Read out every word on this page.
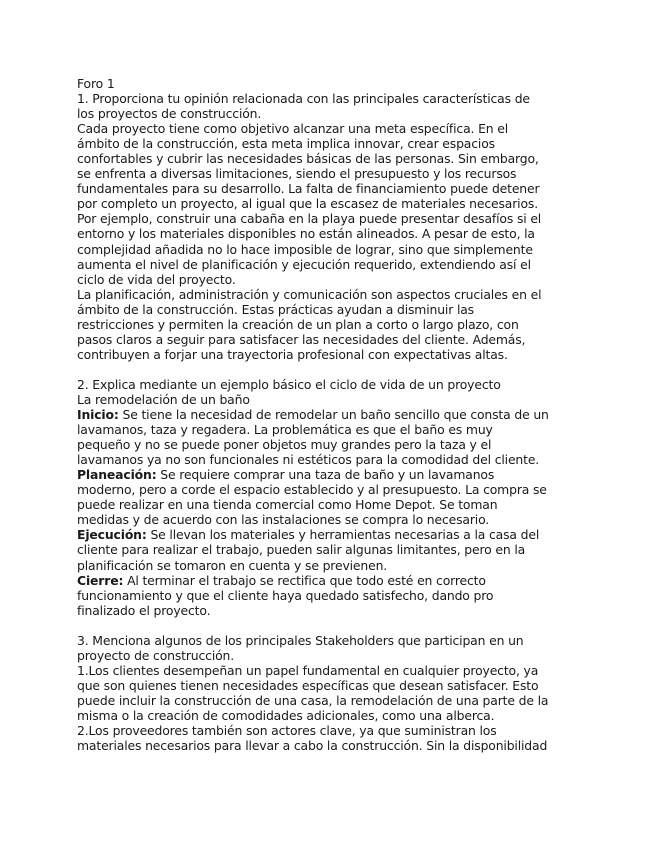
Foro 1
1. Proporciona tu opinión relacionada con las principales características de
los proyectos de construcción.
Cada proyecto tiene como objetivo alcanzar una meta específica. En el
ámbito de la construcción, esta meta implica innovar, crear espacios
confortables y cubrir las necesidades básicas de las personas. Sin embargo,
se enfrenta a diversas limitaciones, siendo el presupuesto y los recursos
fundamentales para su desarrollo. La falta de financiamiento puede detener
por completo un proyecto, al igual que la escasez de materiales necesarios.
Por ejemplo, construir una cabaña en la playa puede presentar desafíos si el
entorno y los materiales disponibles no están alineados. A pesar de esto, la
complejidad añadida no lo hace imposible de lograr, sino que simplemente
aumenta el nivel de planificación y ejecución requerido, extendiendo así el
ciclo de vida del proyecto.
La planificación, administración y comunicación son aspectos cruciales en el
ámbito de la construcción. Estas prácticas ayudan a disminuir las
restricciones y permiten la creación de un plan a corto o largo plazo, con
pasos claros a seguir para satisfacer las necesidades del cliente. Además,
contribuyen a forjar una trayectoria profesional con expectativas altas.
2. Explica mediante un ejemplo básico el ciclo de vida de un proyecto
La remodelación de un baño
Inicio: Se tiene la necesidad de remodelar un baño sencillo que consta de un
lavamanos, taza y regadera. La problemática es que el baño es muy
pequeño y no se puede poner objetos muy grandes pero la taza y el
lavamanos ya no son funcionales ni estéticos para la comodidad del cliente.
Planeación: Se requiere comprar una taza de baño y un lavamanos
moderno, pero a corde el espacio establecido y al presupuesto. La compra se
puede realizar en una tienda comercial como Home Depot. Se toman
medidas y de acuerdo con las instalaciones se compra lo necesario.
Ejecución: Se llevan los materiales y herramientas necesarias a la casa del
cliente para realizar el trabajo, pueden salir algunas limitantes, pero en la
planificación se tomaron en cuenta y se previenen.
Cierre: Al terminar el trabajo se rectifica que todo esté en correcto
funcionamiento y que el cliente haya quedado satisfecho, dando pro
finalizado el proyecto.
3. Menciona algunos de los principales Stakeholders que participan en un
proyecto de construcción.
1.Los clientes desempeñan un papel fundamental en cualquier proyecto, ya
que son quienes tienen necesidades específicas que desean satisfacer. Esto
puede incluir la construcción de una casa, la remodelación de una parte de la
misma o la creación de comodidades adicionales, como una alberca.
2.Los proveedores también son actores clave, ya que suministran los
materiales necesarios para llevar a cabo la construcción. Sin la disponibilidad
